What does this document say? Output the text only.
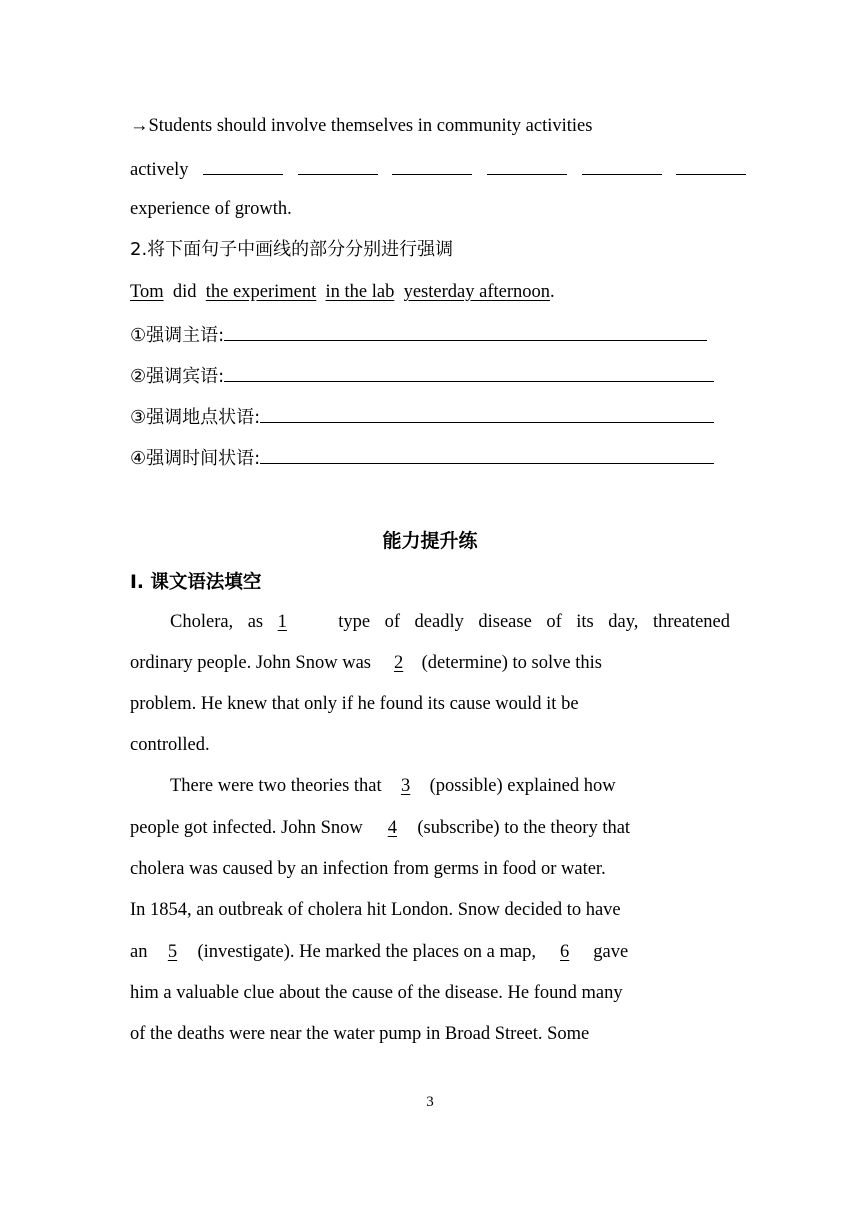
→Students should involve themselves in community activities
actively
experience of growth.
2.将下面句子中画线的部分分别进行强调
Tom did the experiment in the lab yesterday afternoon.
①强调主语:
②强调宾语:
③强调地点状语:
④强调时间状语:
能力提升练
Ⅰ. 课文语法填空
Cholera, as 1 type of deadly disease of its day, threatened
ordinary people. John Snow was 2 (determine) to solve this
problem. He knew that only if he found its cause would it be
controlled.
There were two theories that 3 (possible) explained how
people got infected. John Snow 4 (subscribe) to the theory that
cholera was caused by an infection from germs in food or water.
In 1854, an outbreak of cholera hit London. Snow decided to have
an 5 (investigate). He marked the places on a map, 6 gave
him a valuable clue about the cause of the disease. He found many
of the deaths were near the water pump in Broad Street. Some
3
